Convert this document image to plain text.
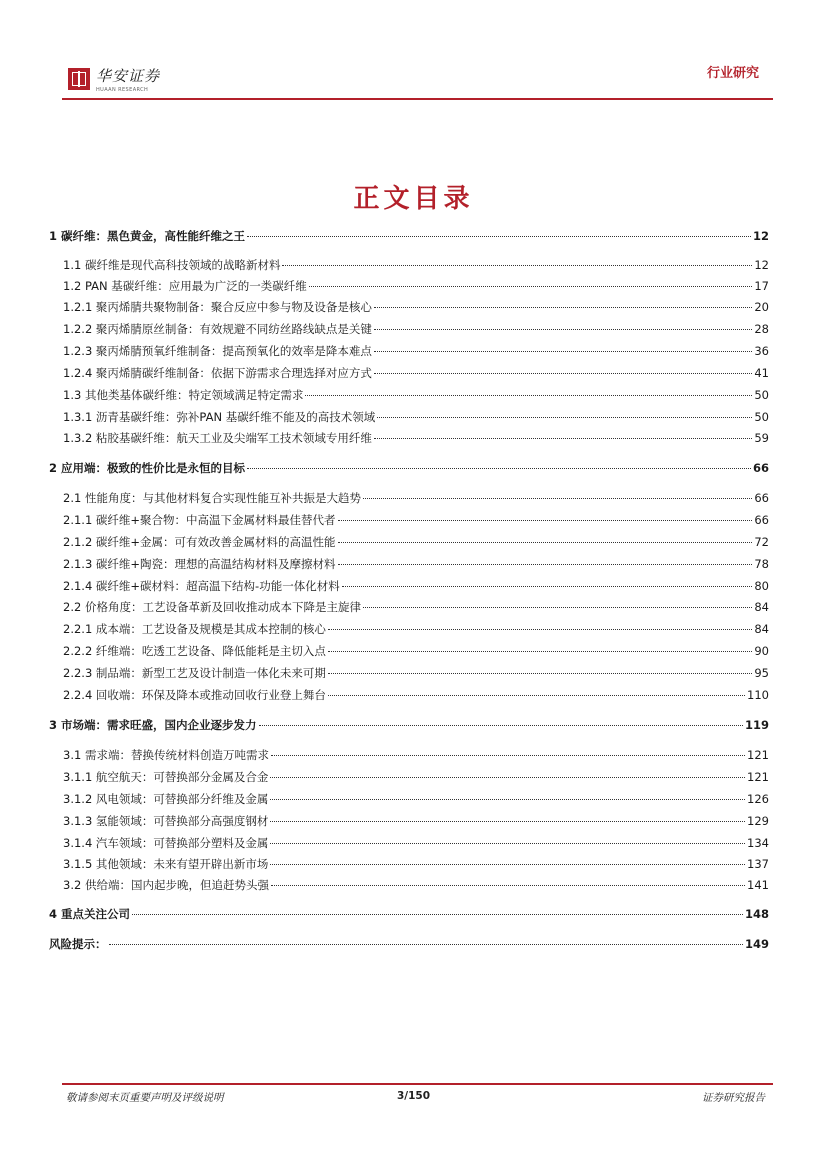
华安证券
HUAAN RESEARCH
行业研究
正文目录
1 碳纤维：黑色黄金，高性能纤维之王	12
1.1 碳纤维是现代高科技领域的战略新材料	12
1.2 PAN 基碳纤维：应用最为广泛的一类碳纤维	17
1.2.1 聚丙烯腈共聚物制备：聚合反应中参与物及设备是核心	20
1.2.2 聚丙烯腈原丝制备：有效规避不同纺丝路线缺点是关键	28
1.2.3 聚丙烯腈预氧纤维制备：提高预氧化的效率是降本难点	36
1.2.4 聚丙烯腈碳纤维制备：依据下游需求合理选择对应方式	41
1.3 其他类基体碳纤维：特定领域满足特定需求	50
1.3.1 沥青基碳纤维：弥补PAN 基碳纤维不能及的高技术领域	50
1.3.2 粘胶基碳纤维：航天工业及尖端军工技术领域专用纤维	59
2 应用端：极致的性价比是永恒的目标	66
2.1 性能角度：与其他材料复合实现性能互补共振是大趋势	66
2.1.1 碳纤维+聚合物：中高温下金属材料最佳替代者	66
2.1.2 碳纤维+金属：可有效改善金属材料的高温性能	72
2.1.3 碳纤维+陶瓷：理想的高温结构材料及摩擦材料	78
2.1.4 碳纤维+碳材料：超高温下结构-功能一体化材料	80
2.2 价格角度：工艺设备革新及回收推动成本下降是主旋律	84
2.2.1 成本端：工艺设备及规模是其成本控制的核心	84
2.2.2 纤维端：吃透工艺设备、降低能耗是主切入点	90
2.2.3 制品端：新型工艺及设计制造一体化未来可期	95
2.2.4 回收端：环保及降本或推动回收行业登上舞台	110
3 市场端：需求旺盛，国内企业逐步发力	119
3.1 需求端：替换传统材料创造万吨需求	121
3.1.1 航空航天：可替换部分金属及合金	121
3.1.2 风电领域：可替换部分纤维及金属	126
3.1.3 氢能领域：可替换部分高强度钢材	129
3.1.4 汽车领域：可替换部分塑料及金属	134
3.1.5 其他领域：未来有望开辟出新市场	137
3.2 供给端：国内起步晚，但追赶势头强	141
4 重点关注公司	148
风险提示：	149
敬请参阅末页重要声明及评级说明	3/150	证券研究报告
